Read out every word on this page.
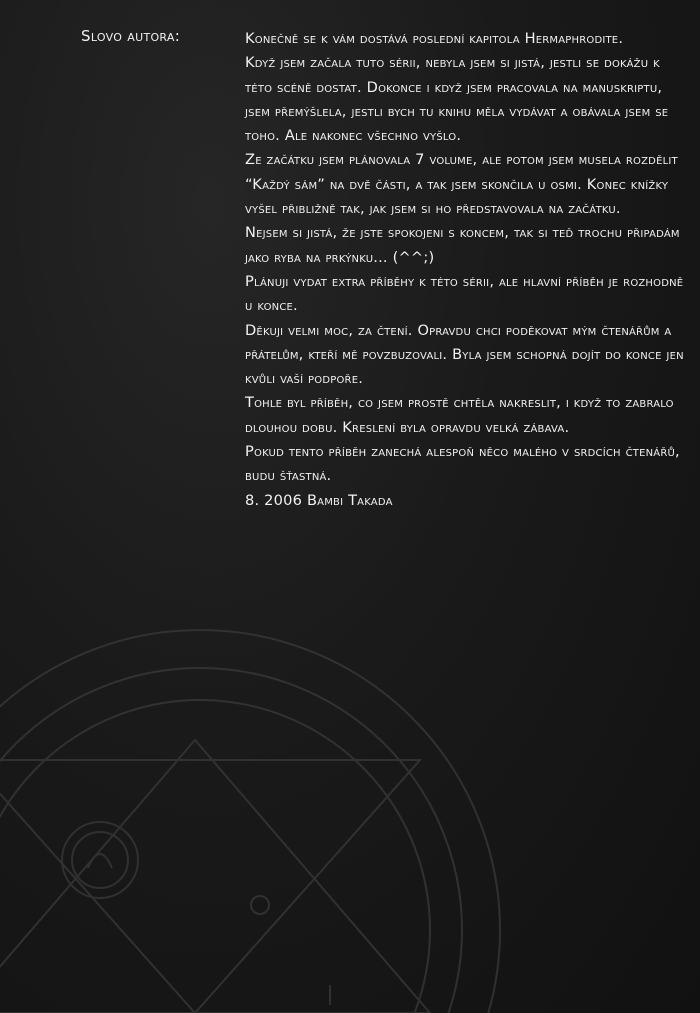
Slovo autora:	Konečně se k vám dostává poslední kapitola Hermaphrodite.

Když jsem začala tuto sérii, nebyla jsem si jistá, jestli se dokážu k této scéně dostat. Dokonce i když jsem pracovala na manuskriptu, jsem přemýšlela, jestli bych tu knihu měla vydávat a obávala jsem se toho. Ale nakonec všechno vyšlo.

Ze začátku jsem plánovala 7 volume, ale potom jsem musela rozdělit “Každý sám” na dvě části, a tak jsem skončila u osmi. Konec knížky vyšel přibližně tak, jak jsem si ho představovala na začátku.

Nejsem si jistá, že jste spokojeni s koncem, tak si teď trochu připadám jako ryba na prkýnku... (^^;)

Plánuji vydat extra příběhy k této sérii, ale hlavní příběh je rozhodně u konce.

Děkuji velmi moc, za čtení. Opravdu chci poděkovat mým čtenářům a přátelům, kteří mě povzbuzovali. Byla jsem schopná dojít do konce jen kvůli vaší podpoře.

Tohle byl příběh, co jsem prostě chtěla nakreslit, i když to zabralo dlouhou dobu. Kreslení byla opravdu velká zábava.

Pokud tento příběh zanechá alespoň něco malého v srdcích čtenářů, budu šťastná.

8. 2006 Bambi Takada
